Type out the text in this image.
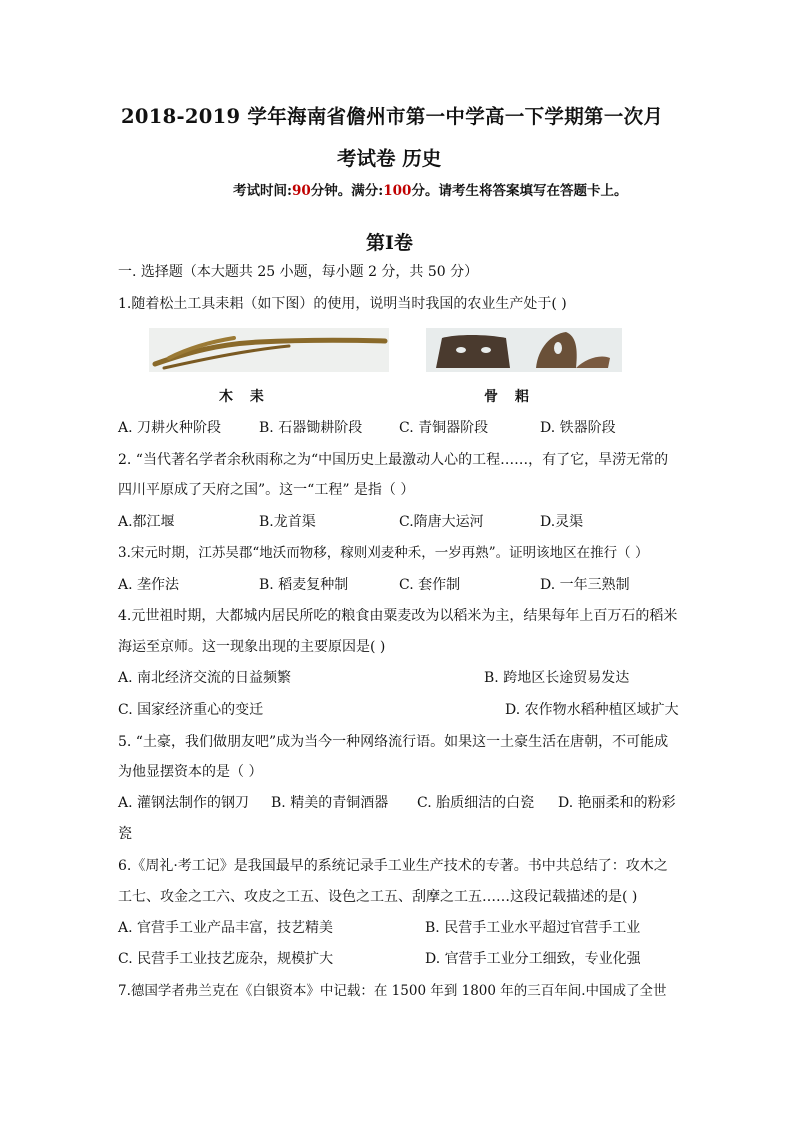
2018-2019 学年海南省儋州市第一中学高一下学期第一次月
考试卷 历史
考试时间:90分钟。满分:100分。请考生将答案填写在答题卡上。
第Ⅰ卷
一. 选择题（本大题共 25 小题，每小题 2 分，共 50 分）
1.随着松土工具耒耜（如下图）的使用，说明当时我国的农业生产处于( )
木 耒	骨 耜
A. 刀耕火种阶段	B. 石器锄耕阶段	C. 青铜器阶段	D. 铁器阶段
2. “当代著名学者余秋雨称之为“中国历史上最激动人心的工程……，有了它，旱涝无常的
四川平原成了天府之国”。这一“工程” 是指（ ）
A.都江堰	B.龙首渠	C.隋唐大运河	D.灵渠
3.宋元时期，江苏吴郡“地沃而物移，稼则刈麦种禾，一岁再熟”。证明该地区在推行（ ）
A. 垄作法	B. 稻麦复种制	C. 套作制	D. 一年三熟制
4.元世祖时期，大都城内居民所吃的粮食由粟麦改为以稻米为主，结果每年上百万石的稻米
海运至京师。这一现象出现的主要原因是( )
A. 南北经济交流的日益频繁	B. 跨地区长途贸易发达
C. 国家经济重心的变迁	D. 农作物水稻种植区域扩大
5. “土豪，我们做朋友吧”成为当今一种网络流行语。如果这一土豪生活在唐朝，不可能成
为他显摆资本的是（ ）
A. 灌钢法制作的钢刀 B. 精美的青铜酒器 C. 胎质细洁的白瓷 D. 艳丽柔和的粉彩
瓷
6.《周礼·考工记》是我国最早的系统记录手工业生产技术的专著。书中共总结了：攻木之
工七、攻金之工六、攻皮之工五、设色之工五、刮摩之工五……这段记载描述的是( )
A. 官营手工业产品丰富，技艺精美	B. 民营手工业水平超过官营手工业
C. 民营手工业技艺庞杂，规模扩大	D. 官营手工业分工细致，专业化强
7.德国学者弗兰克在《白银资本》中记载：在 1500 年到 1800 年的三百年间.中国成了全世
